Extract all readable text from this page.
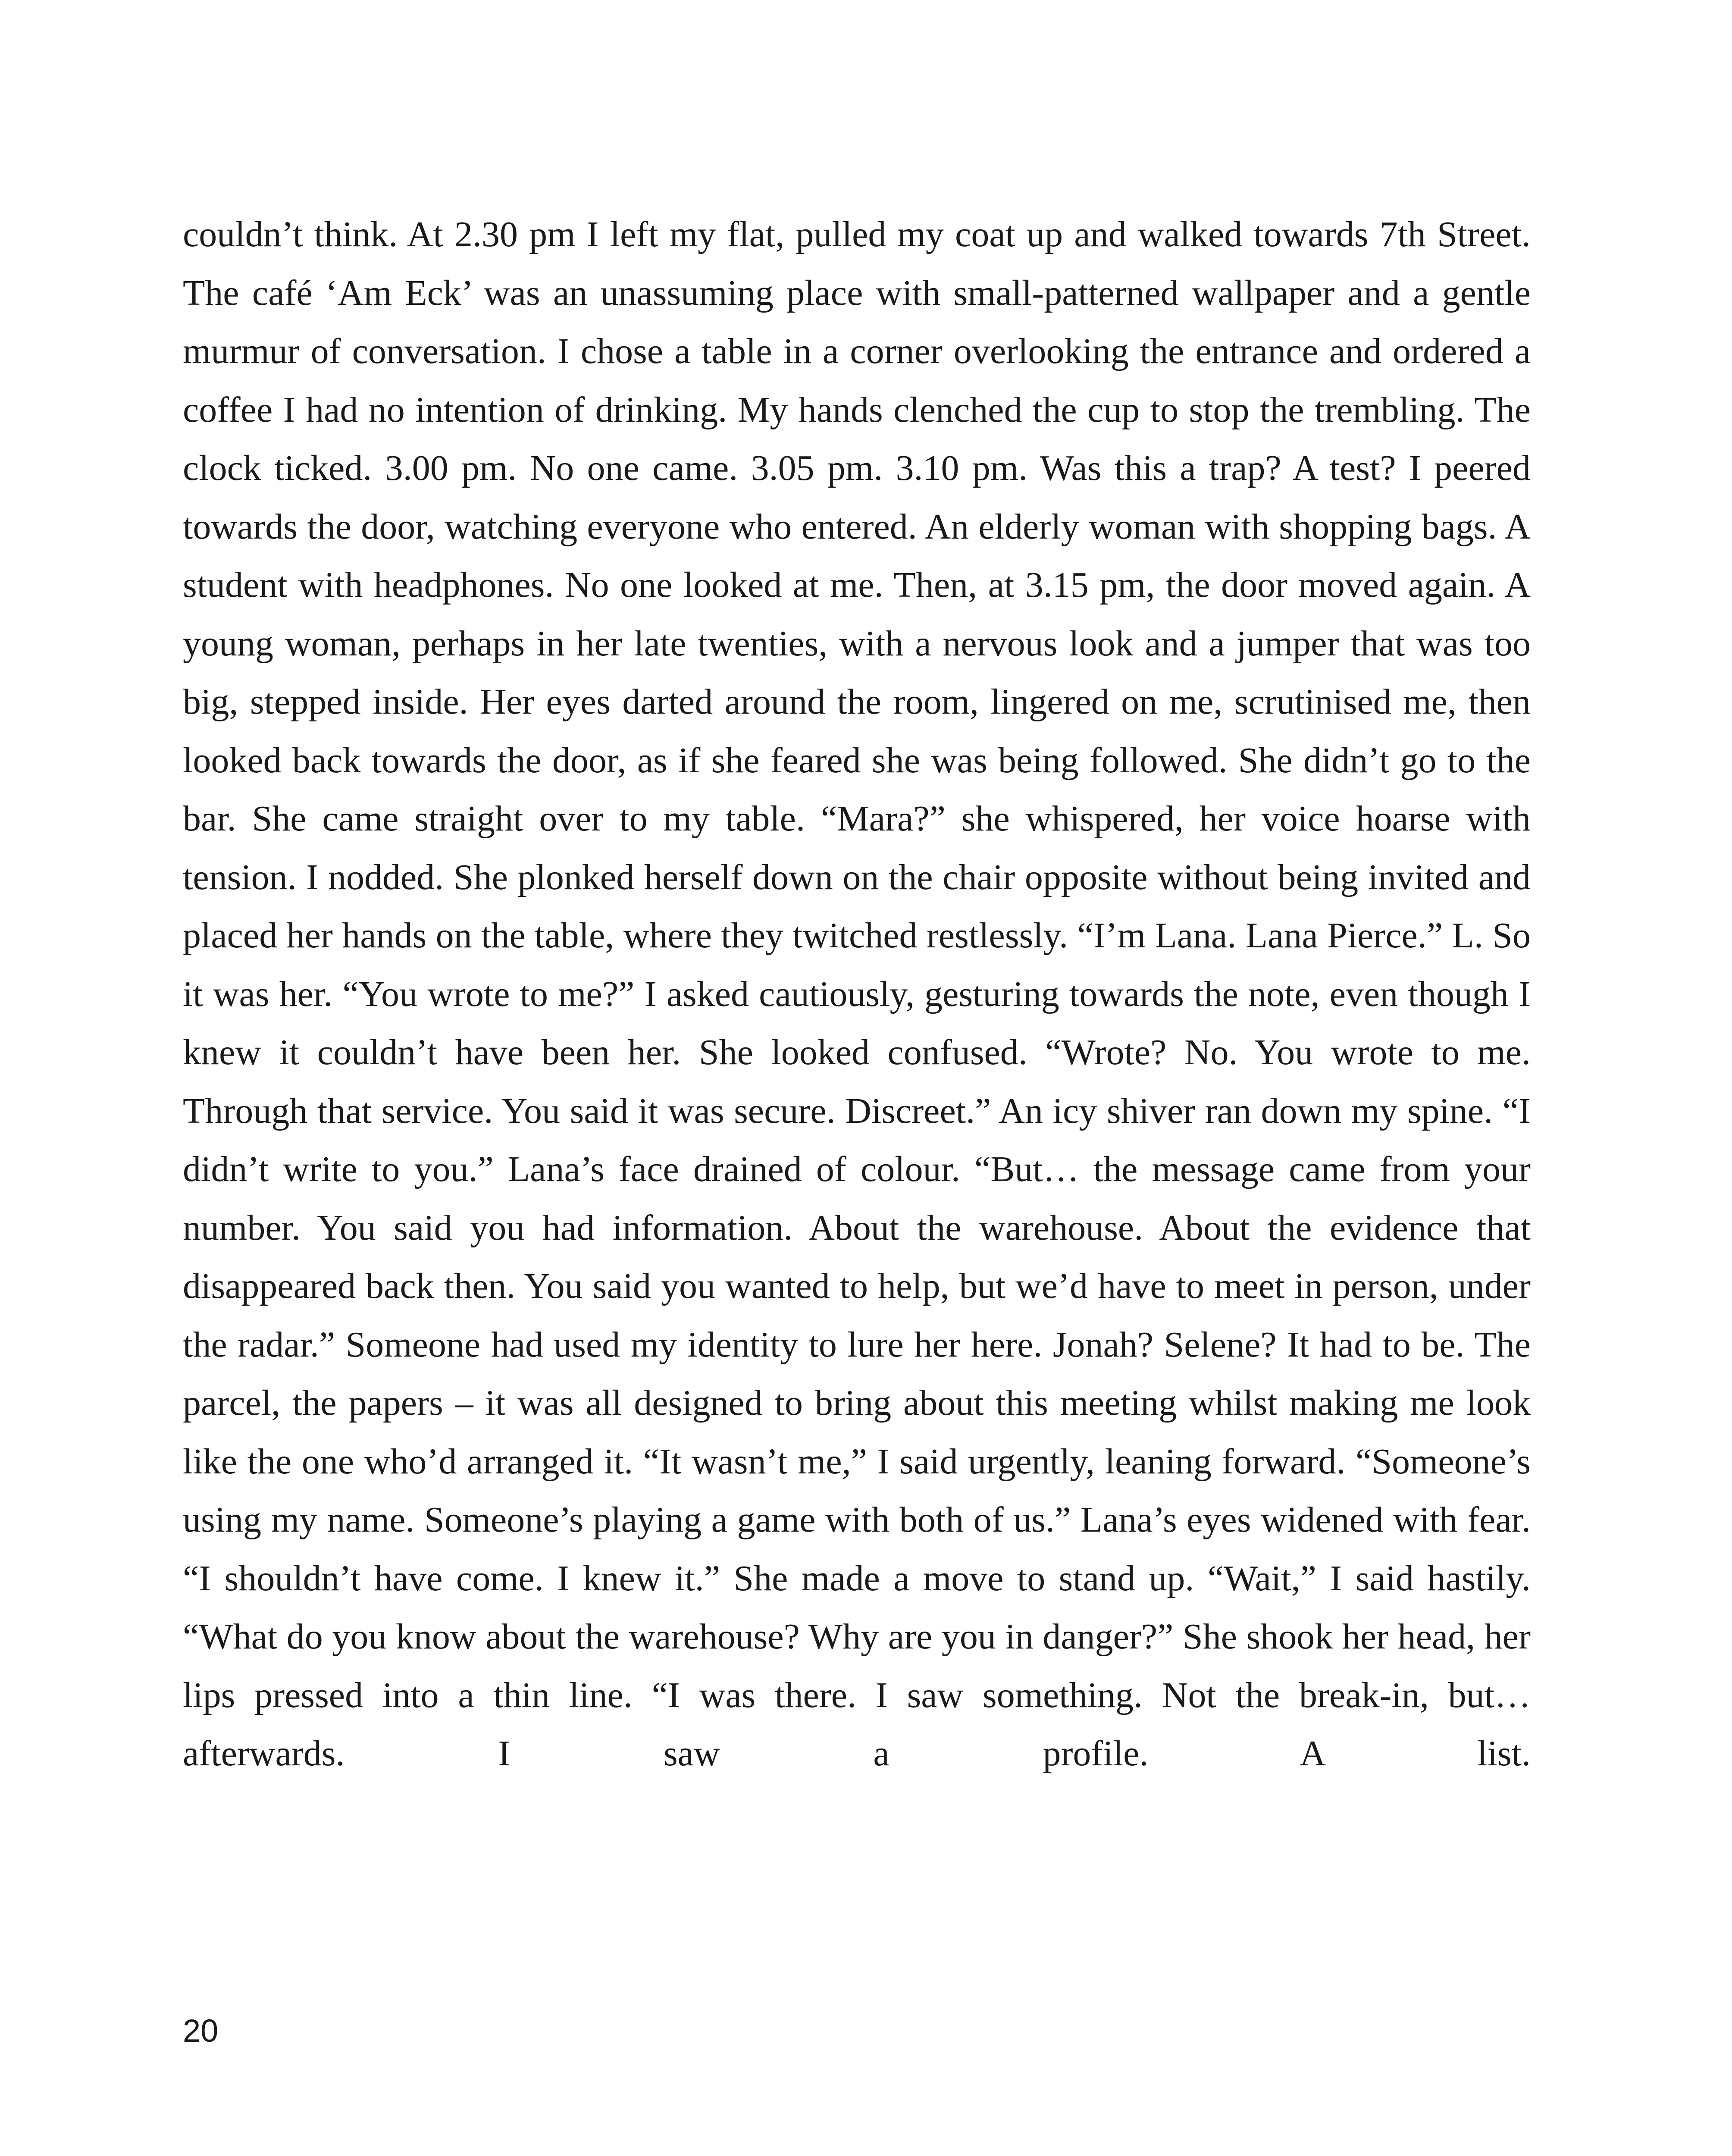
couldn’t think. At 2.30 pm I left my flat, pulled my coat up and walked towards 7th Street. The café ‘Am Eck’ was an unassuming place with small-patterned wallpaper and a gentle murmur of conversation. I chose a table in a corner overlooking the entrance and ordered a coffee I had no intention of drinking. My hands clenched the cup to stop the trembling. The clock ticked. 3.00 pm. No one came. 3.05 pm. 3.10 pm. Was this a trap? A test? I peered towards the door, watching everyone who entered. An elderly woman with shopping bags. A student with headphones. No one looked at me. Then, at 3.15 pm, the door moved again. A young woman, perhaps in her late twenties, with a nervous look and a jumper that was too big, stepped inside. Her eyes darted around the room, lingered on me, scrutinised me, then looked back towards the door, as if she feared she was being followed. She didn’t go to the bar. She came straight over to my table. “Mara?” she whispered, her voice hoarse with tension. I nodded. She plonked herself down on the chair opposite without being invited and placed her hands on the table, where they twitched restlessly. “I’m Lana. Lana Pierce.” L. So it was her. “You wrote to me?” I asked cautiously, gesturing towards the note, even though I knew it couldn’t have been her. She looked confused. “Wrote? No. You wrote to me. Through that service. You said it was secure. Discreet.” An icy shiver ran down my spine. “I didn’t write to you.” Lana’s face drained of colour. “But… the message came from your number. You said you had information. About the warehouse. About the evidence that disappeared back then. You said you wanted to help, but we’d have to meet in person, under the radar.” Someone had used my identity to lure her here. Jonah? Selene? It had to be. The parcel, the papers – it was all designed to bring about this meeting whilst making me look like the one who’d arranged it. “It wasn’t me,” I said urgently, leaning forward. “Someone’s using my name. Someone’s playing a game with both of us.” Lana’s eyes widened with fear. “I shouldn’t have come. I knew it.” She made a move to stand up. “Wait,” I said hastily. “What do you know about the warehouse? Why are you in danger?” She shook her head, her lips pressed into a thin line. “I was there. I saw something. Not the break-in, but… afterwards. I saw a profile. A list.

20
